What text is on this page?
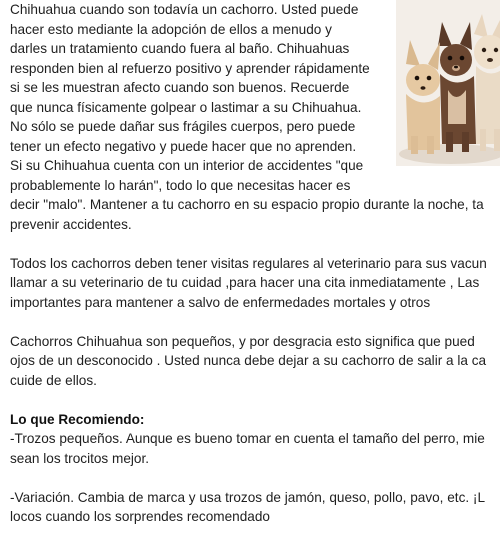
Chihuahua cuando son todavía un cachorro. Usted puede
hacer esto mediante la adopción de ellos a menudo y
darles un tratamiento cuando fuera al baño. Chihuahuas
responden bien al refuerzo positivo y aprender rápidamente
si se les muestran afecto cuando son buenos. Recuerde
que nunca físicamente golpear o lastimar a su Chihuahua.
No sólo se puede dañar sus frágiles cuerpos, pero puede
tener un efecto negativo y puede hacer que no aprenden.
Si su Chihuahua cuenta con un interior de accidentes "que
probablemente lo harán", todo lo que necesitas hacer es
decir "malo". Mantener a tu cachorro en su espacio propio durante la noche, ta
prevenir accidentes.
Todos los cachorros deben tener visitas regulares al veterinario para sus vacun
llamar a su veterinario de tu cuidad ,para hacer una cita inmediatamente , Las
importantes para mantener a salvo de enfermedades mortales y otros
Cachorros Chihuahua son pequeños, y por desgracia esto significa que pued
ojos de un desconocido . Usted nunca debe dejar a su cachorro de salir a la ca
cuide de ellos.
Lo que Recomiendo:
-Trozos pequeños. Aunque es bueno tomar en cuenta el tamaño del perro, mie
sean los trocitos mejor.
-Variación. Cambia de marca y usa trozos de jamón, queso, pollo, pavo, etc. ¡L
locos cuando los sorprendes recomendado
